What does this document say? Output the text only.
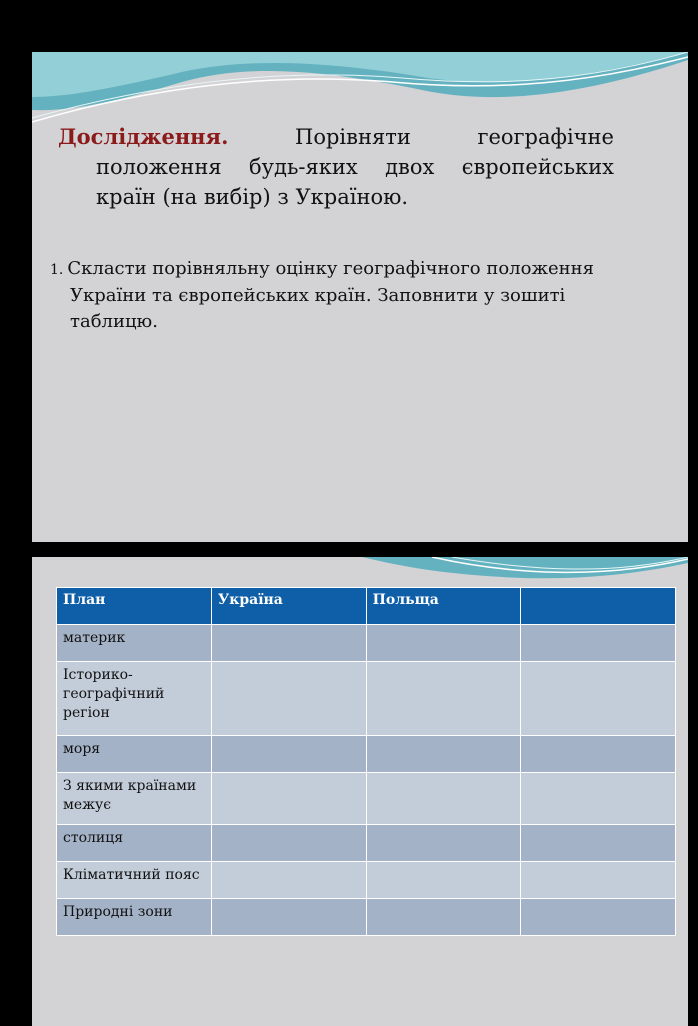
Дослідження.	Порівняти	географічне
положення будь-яких двох європейських
країн (на вибір) з Україною.
1. Скласти порівняльну оцінку географічного положення
України та європейських країн. Заповнити у зошиті
таблицю.
План	Україна	Польща	
материк			
Історико-географічний регіон			
моря			
З якими країнами межує			
столиця			
Кліматичний пояс			
Природні зони			
